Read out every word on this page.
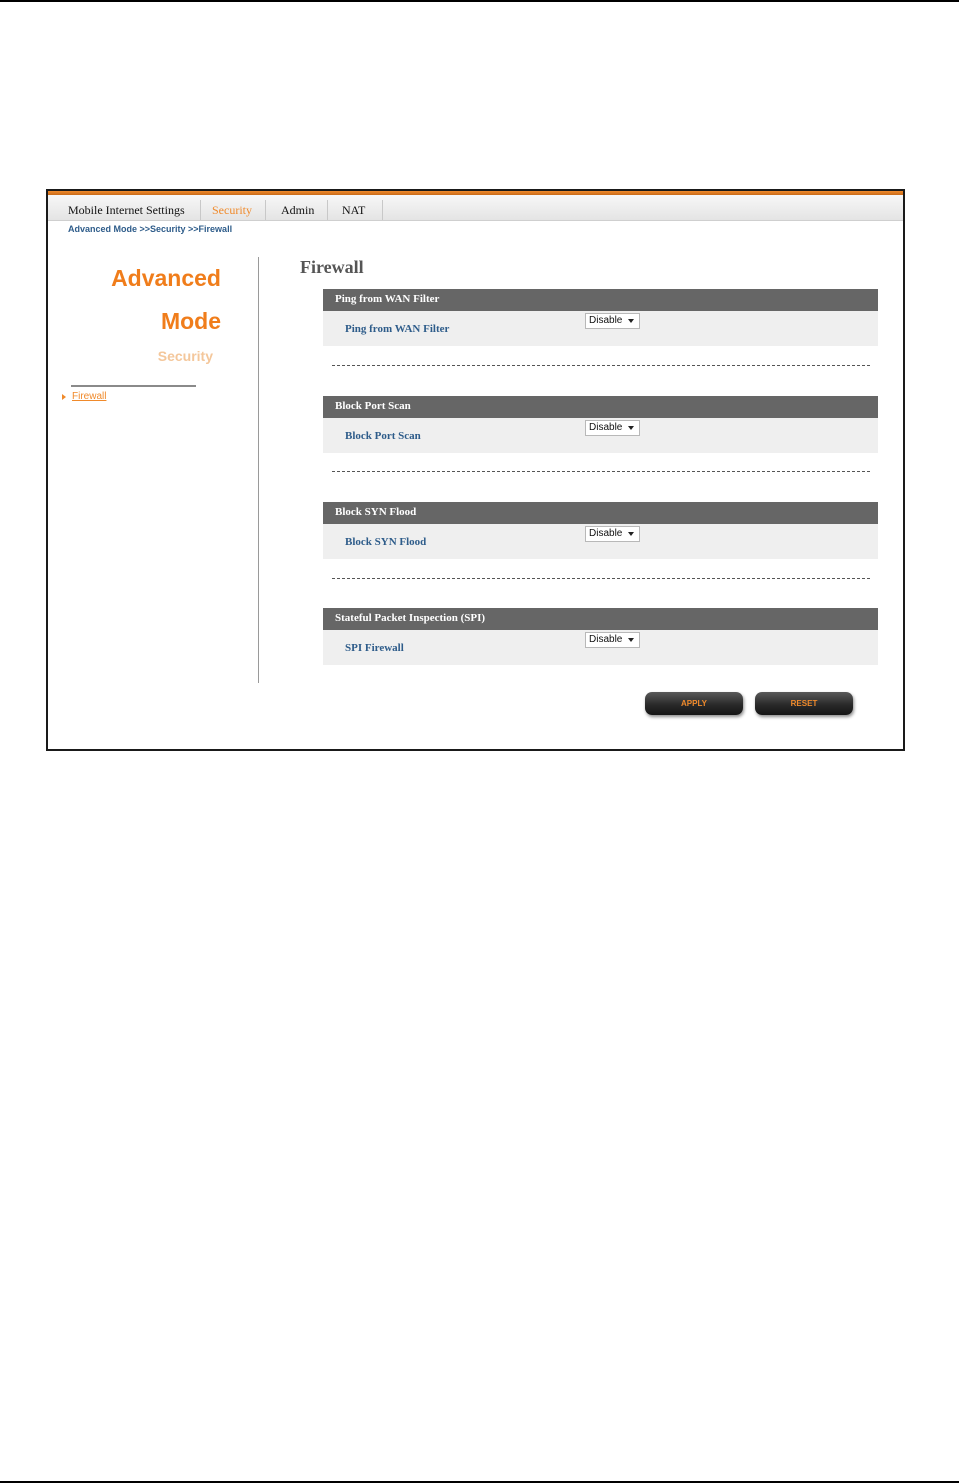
Mobile Internet Settings Security Admin NAT
Advanced Mode >>Security >>Firewall
Advanced
Mode
Security
Firewall
Firewall
Ping from WAN Filter
Ping from WAN Filter
Disable
Block Port Scan
Block Port Scan
Disable
Block SYN Flood
Block SYN Flood
Disable
Stateful Packet Inspection (SPI)
SPI Firewall
Disable
APPLY	RESET
